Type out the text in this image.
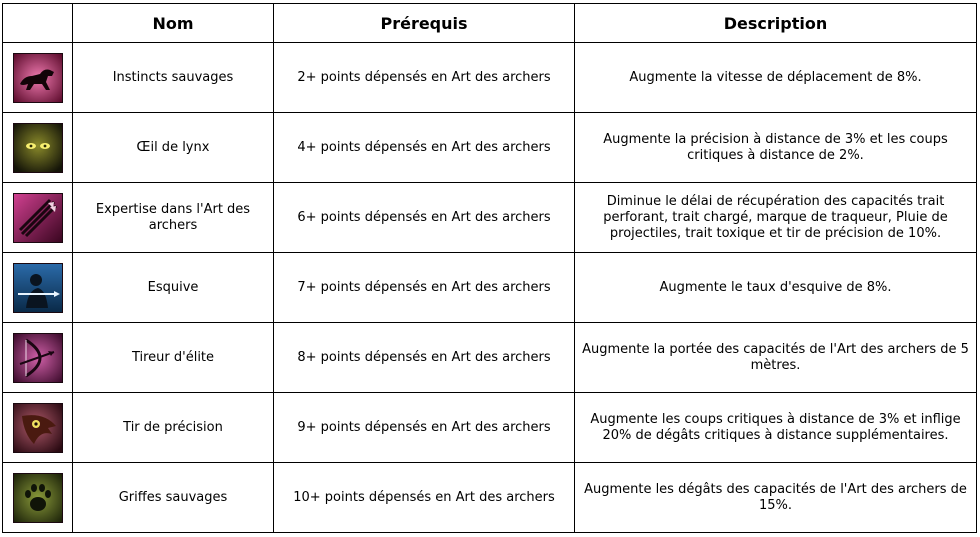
	Nom	Prérequis	Description

	Instincts sauvages	2+ points dépensés en Art des archers	Augmente la vitesse de déplacement de 8%.

	Œil de lynx	4+ points dépensés en Art des archers	Augmente la précision à distance de 3% et les coups critiques à distance de 2%.

	Expertise dans l'Art des archers	6+ points dépensés en Art des archers	Diminue le délai de récupération des capacités trait perforant, trait chargé, marque de traqueur, Pluie de projectiles, trait toxique et tir de précision de 10%.

	Esquive	7+ points dépensés en Art des archers	Augmente le taux d'esquive de 8%.

	Tireur d'élite	8+ points dépensés en Art des archers	Augmente la portée des capacités de l'Art des archers de 5 mètres.

	Tir de précision	9+ points dépensés en Art des archers	Augmente les coups critiques à distance de 3% et inflige 20% de dégâts critiques à distance supplémentaires.

	Griffes sauvages	10+ points dépensés en Art des archers	Augmente les dégâts des capacités de l'Art des archers de 15%.
